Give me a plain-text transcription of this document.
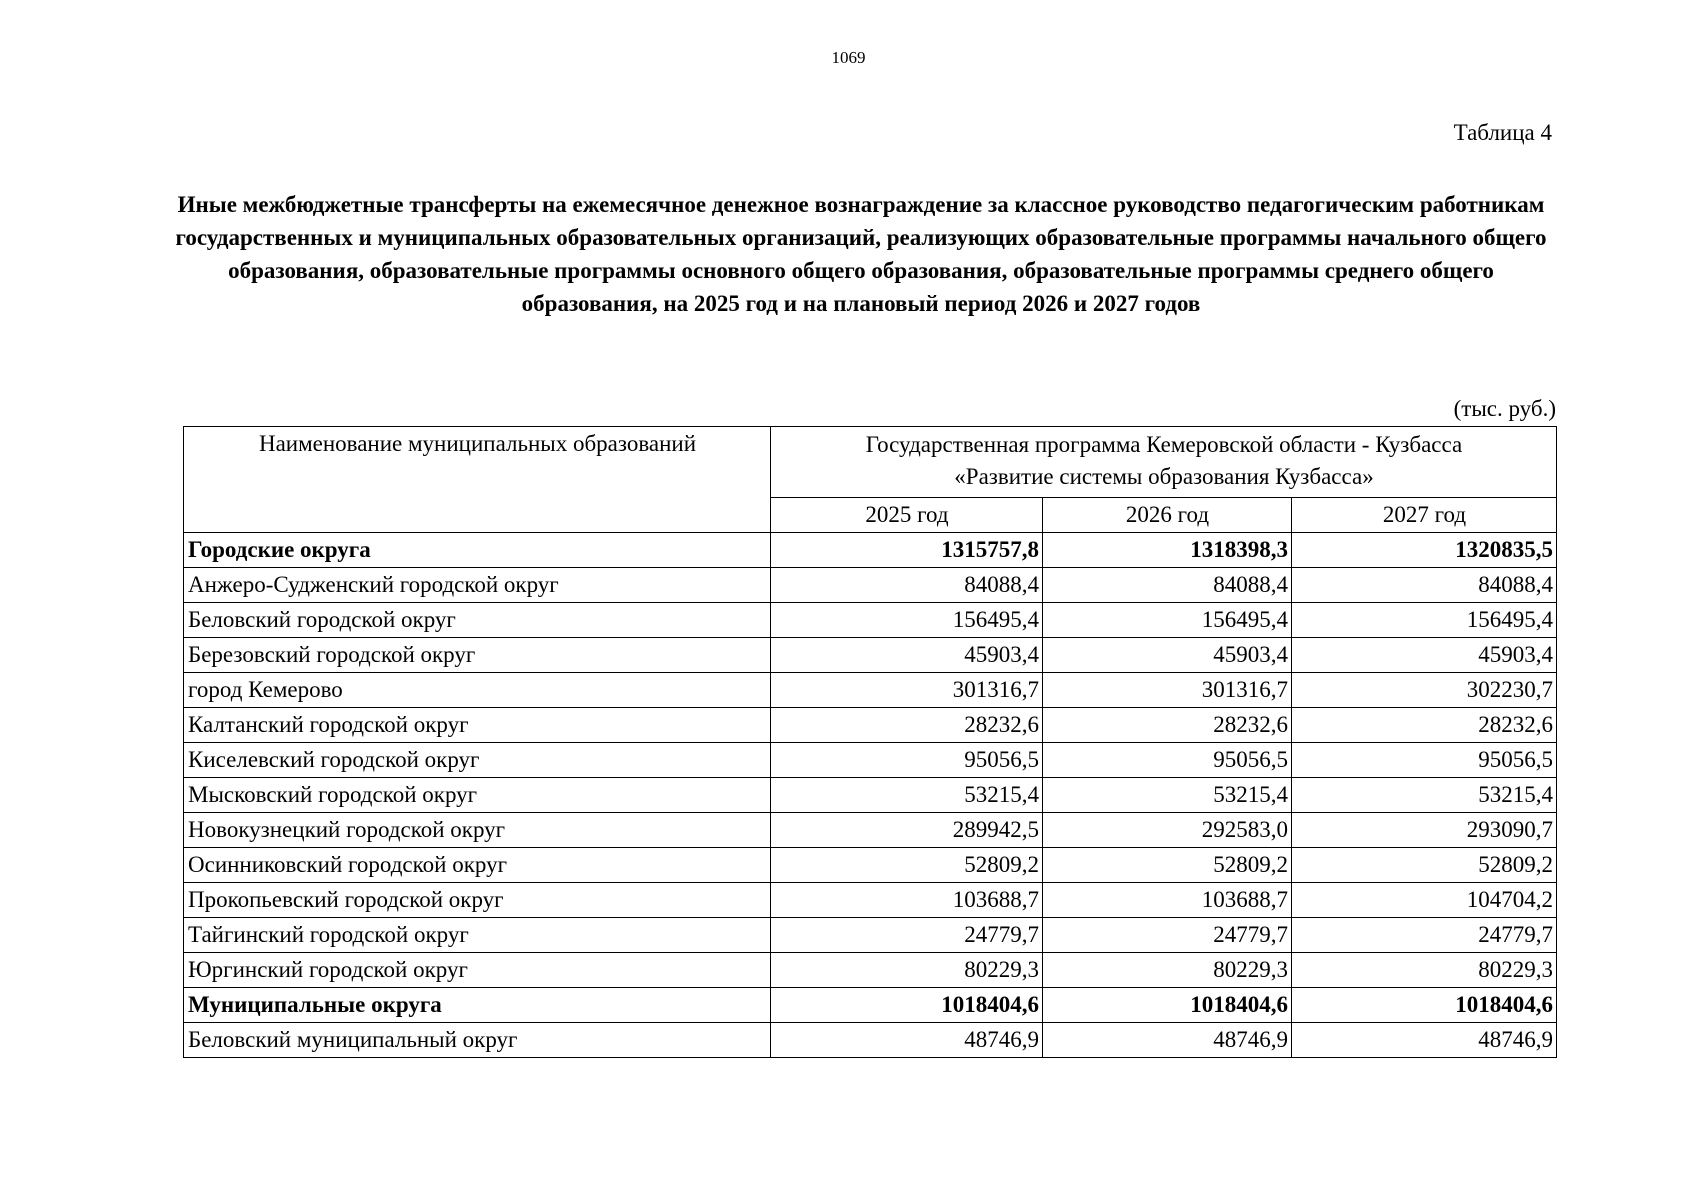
1069
Таблица 4
Иные межбюджетные трансферты на ежемесячное денежное вознаграждение за классное руководство педагогическим работникам государственных и муниципальных образовательных организаций, реализующих образовательные программы начального общего образования, образовательные программы основного общего образования, образовательные программы среднего общего образования, на 2025 год и на плановый период 2026 и 2027 годов
(тыс. руб.)
Наименование муниципальных образований	Государственная программа Кемеровской области - Кузбасса
«Развитие системы образования Кузбасса»		
	2025 год	2026 год	2027 год
Городские округа	1315757,8	1318398,3	1320835,5
Анжеро-Судженский городской округ	84088,4	84088,4	84088,4
Беловский городской округ	156495,4	156495,4	156495,4
Березовский городской округ	45903,4	45903,4	45903,4
город Кемерово	301316,7	301316,7	302230,7
Калтанский городской округ	28232,6	28232,6	28232,6
Киселевский городской округ	95056,5	95056,5	95056,5
Мысковский городской округ	53215,4	53215,4	53215,4
Новокузнецкий городской округ	289942,5	292583,0	293090,7
Осинниковский городской округ	52809,2	52809,2	52809,2
Прокопьевский городской округ	103688,7	103688,7	104704,2
Тайгинский городской округ	24779,7	24779,7	24779,7
Юргинский городской округ	80229,3	80229,3	80229,3
Муниципальные округа	1018404,6	1018404,6	1018404,6
Беловский муниципальный округ	48746,9	48746,9	48746,9
